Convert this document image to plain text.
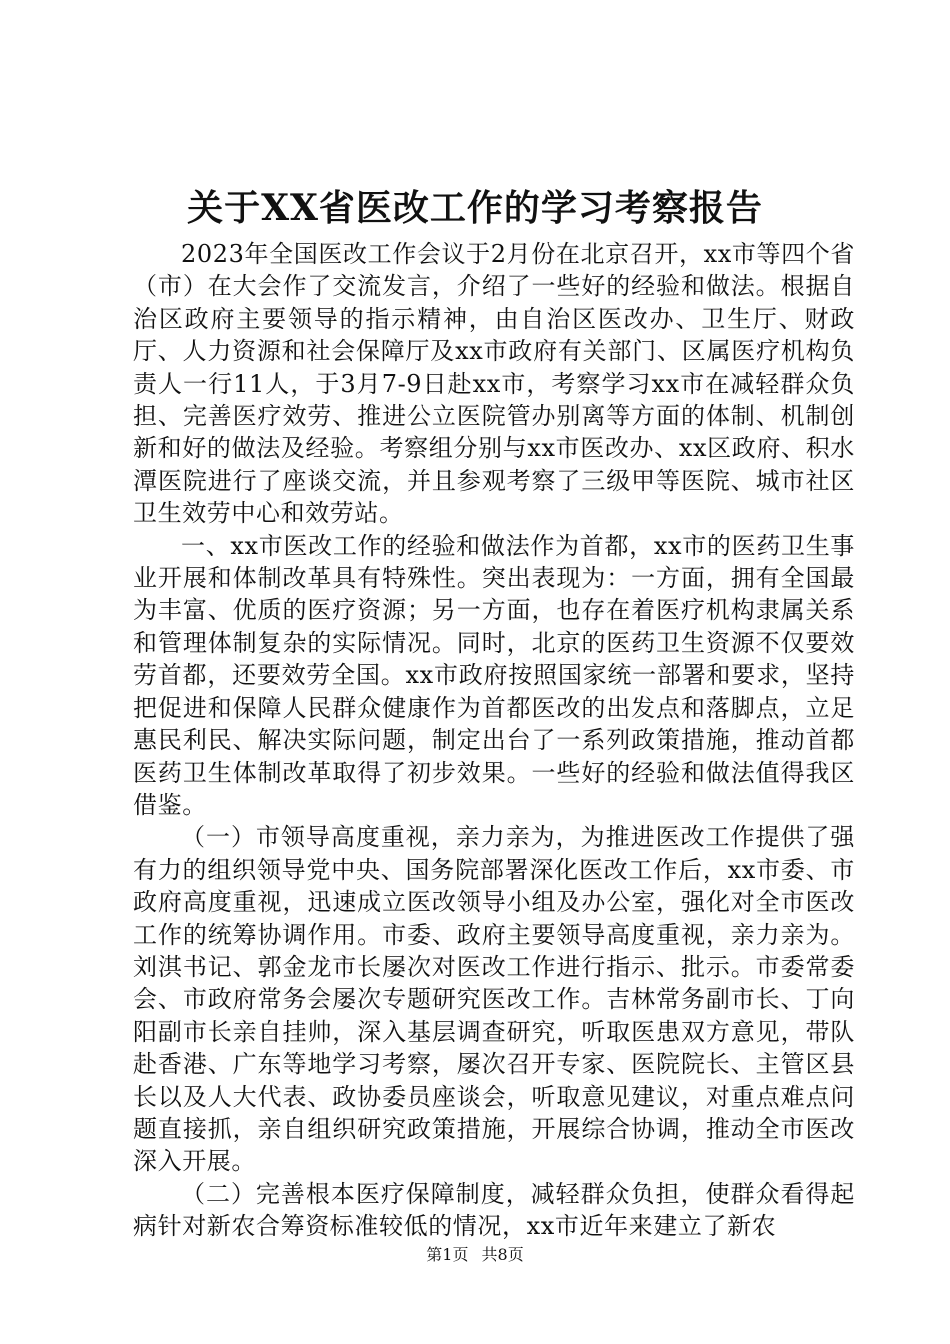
关于XX省医改工作的学习考察报告

2023年全国医改工作会议于2月份在北京召开，xx市等四个省（市）在大会作了交流发言，介绍了一些好的经验和做法。根据自治区政府主要领导的指示精神，由自治区医改办、卫生厅、财政厅、人力资源和社会保障厅及xx市政府有关部门、区属医疗机构负责人一行11人，于3月7-9日赴xx市，考察学习xx市在减轻群众负担、完善医疗效劳、推进公立医院管办别离等方面的体制、机制创新和好的做法及经验。考察组分别与xx市医改办、xx区政府、积水潭医院进行了座谈交流，并且参观考察了三级甲等医院、城市社区卫生效劳中心和效劳站。

一、xx市医改工作的经验和做法作为首都，xx市的医药卫生事业开展和体制改革具有特殊性。突出表现为：一方面，拥有全国最为丰富、优质的医疗资源；另一方面，也存在着医疗机构隶属关系和管理体制复杂的实际情况。同时，北京的医药卫生资源不仅要效劳首都，还要效劳全国。xx市政府按照国家统一部署和要求，坚持把促进和保障人民群众健康作为首都医改的出发点和落脚点，立足惠民利民、解决实际问题，制定出台了一系列政策措施，推动首都医药卫生体制改革取得了初步效果。一些好的经验和做法值得我区借鉴。

（一）市领导高度重视，亲力亲为，为推进医改工作提供了强有力的组织领导党中央、国务院部署深化医改工作后，xx市委、市政府高度重视，迅速成立医改领导小组及办公室，强化对全市医改工作的统筹协调作用。市委、政府主要领导高度重视，亲力亲为。刘淇书记、郭金龙市长屡次对医改工作进行指示、批示。市委常委会、市政府常务会屡次专题研究医改工作。吉林常务副市长、丁向阳副市长亲自挂帅，深入基层调查研究，听取医患双方意见，带队赴香港、广东等地学习考察，屡次召开专家、医院院长、主管区县长以及人大代表、政协委员座谈会，听取意见建议，对重点难点问题直接抓，亲自组织研究政策措施，开展综合协调，推动全市医改深入开展。

（二）完善根本医疗保障制度，减轻群众负担，使群众看得起病针对新农合筹资标准较低的情况，xx市近年来建立了新农

第1页 共8页
